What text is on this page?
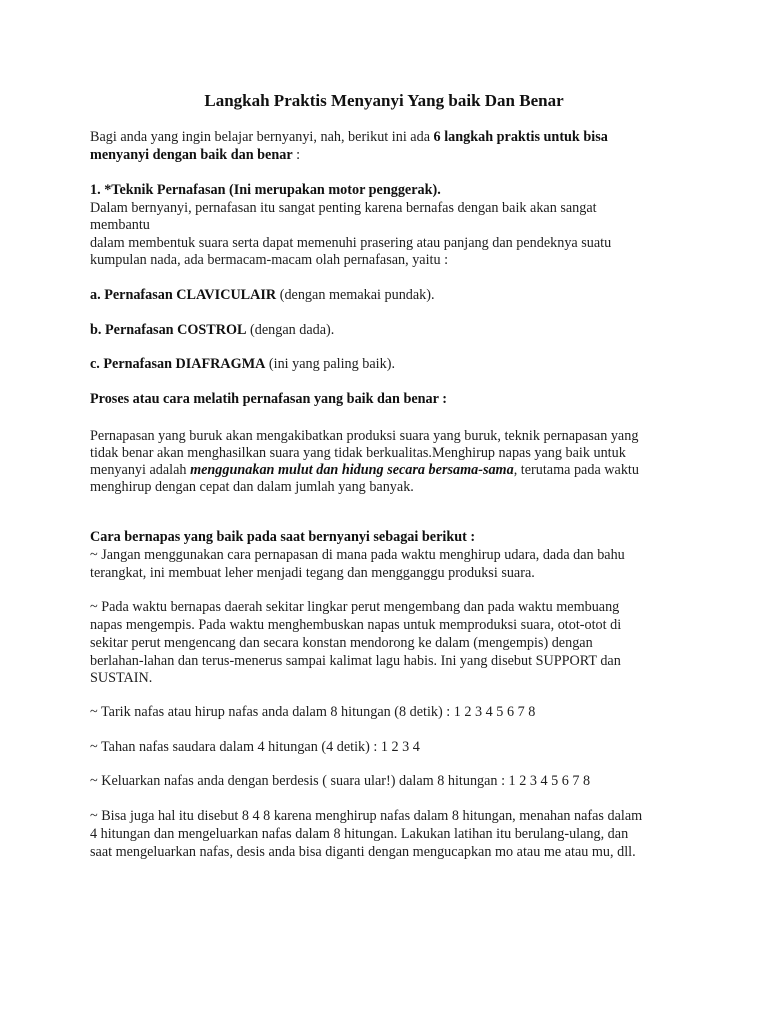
Langkah Praktis Menyanyi Yang baik Dan Benar
Bagi anda yang ingin belajar bernyanyi, nah, berikut ini ada 6 langkah praktis untuk bisa
menyanyi dengan baik dan benar :
1. *Teknik Pernafasan (Ini merupakan motor penggerak).
Dalam bernyanyi, pernafasan itu sangat penting karena bernafas dengan baik akan sangat
membantu
dalam membentuk suara serta dapat memenuhi prasering atau panjang dan pendeknya suatu
kumpulan nada, ada bermacam-macam olah pernafasan, yaitu :
a. Pernafasan CLAVICULAIR (dengan memakai pundak).
b. Pernafasan COSTROL (dengan dada).
c. Pernafasan DIAFRAGMA (ini yang paling baik).
Proses atau cara melatih pernafasan yang baik dan benar :
Pernapasan yang buruk akan mengakibatkan produksi suara yang buruk, teknik pernapasan yang
tidak benar akan menghasilkan suara yang tidak berkualitas.Menghirup napas yang baik untuk
menyanyi adalah menggunakan mulut dan hidung secara bersama-sama, terutama pada waktu
menghirup dengan cepat dan dalam jumlah yang banyak.
Cara bernapas yang baik pada saat bernyanyi sebagai berikut :
~ Jangan menggunakan cara pernapasan di mana pada waktu menghirup udara, dada dan bahu
terangkat, ini membuat leher menjadi tegang dan mengganggu produksi suara.
~ Pada waktu bernapas daerah sekitar lingkar perut mengembang dan pada waktu membuang
napas mengempis. Pada waktu menghembuskan napas untuk memproduksi suara, otot-otot di
sekitar perut mengencang dan secara konstan mendorong ke dalam (mengempis) dengan
berlahan-lahan dan terus-menerus sampai kalimat lagu habis. Ini yang disebut SUPPORT dan
SUSTAIN.
~ Tarik nafas atau hirup nafas anda dalam 8 hitungan (8 detik) : 1 2 3 4 5 6 7 8
~ Tahan nafas saudara dalam 4 hitungan (4 detik) : 1 2 3 4
~ Keluarkan nafas anda dengan berdesis ( suara ular!) dalam 8 hitungan : 1 2 3 4 5 6 7 8
~ Bisa juga hal itu disebut 8 4 8 karena menghirup nafas dalam 8 hitungan, menahan nafas dalam
4 hitungan dan mengeluarkan nafas dalam 8 hitungan. Lakukan latihan itu berulang-ulang, dan
saat mengeluarkan nafas, desis anda bisa diganti dengan mengucapkan mo atau me atau mu, dll.
